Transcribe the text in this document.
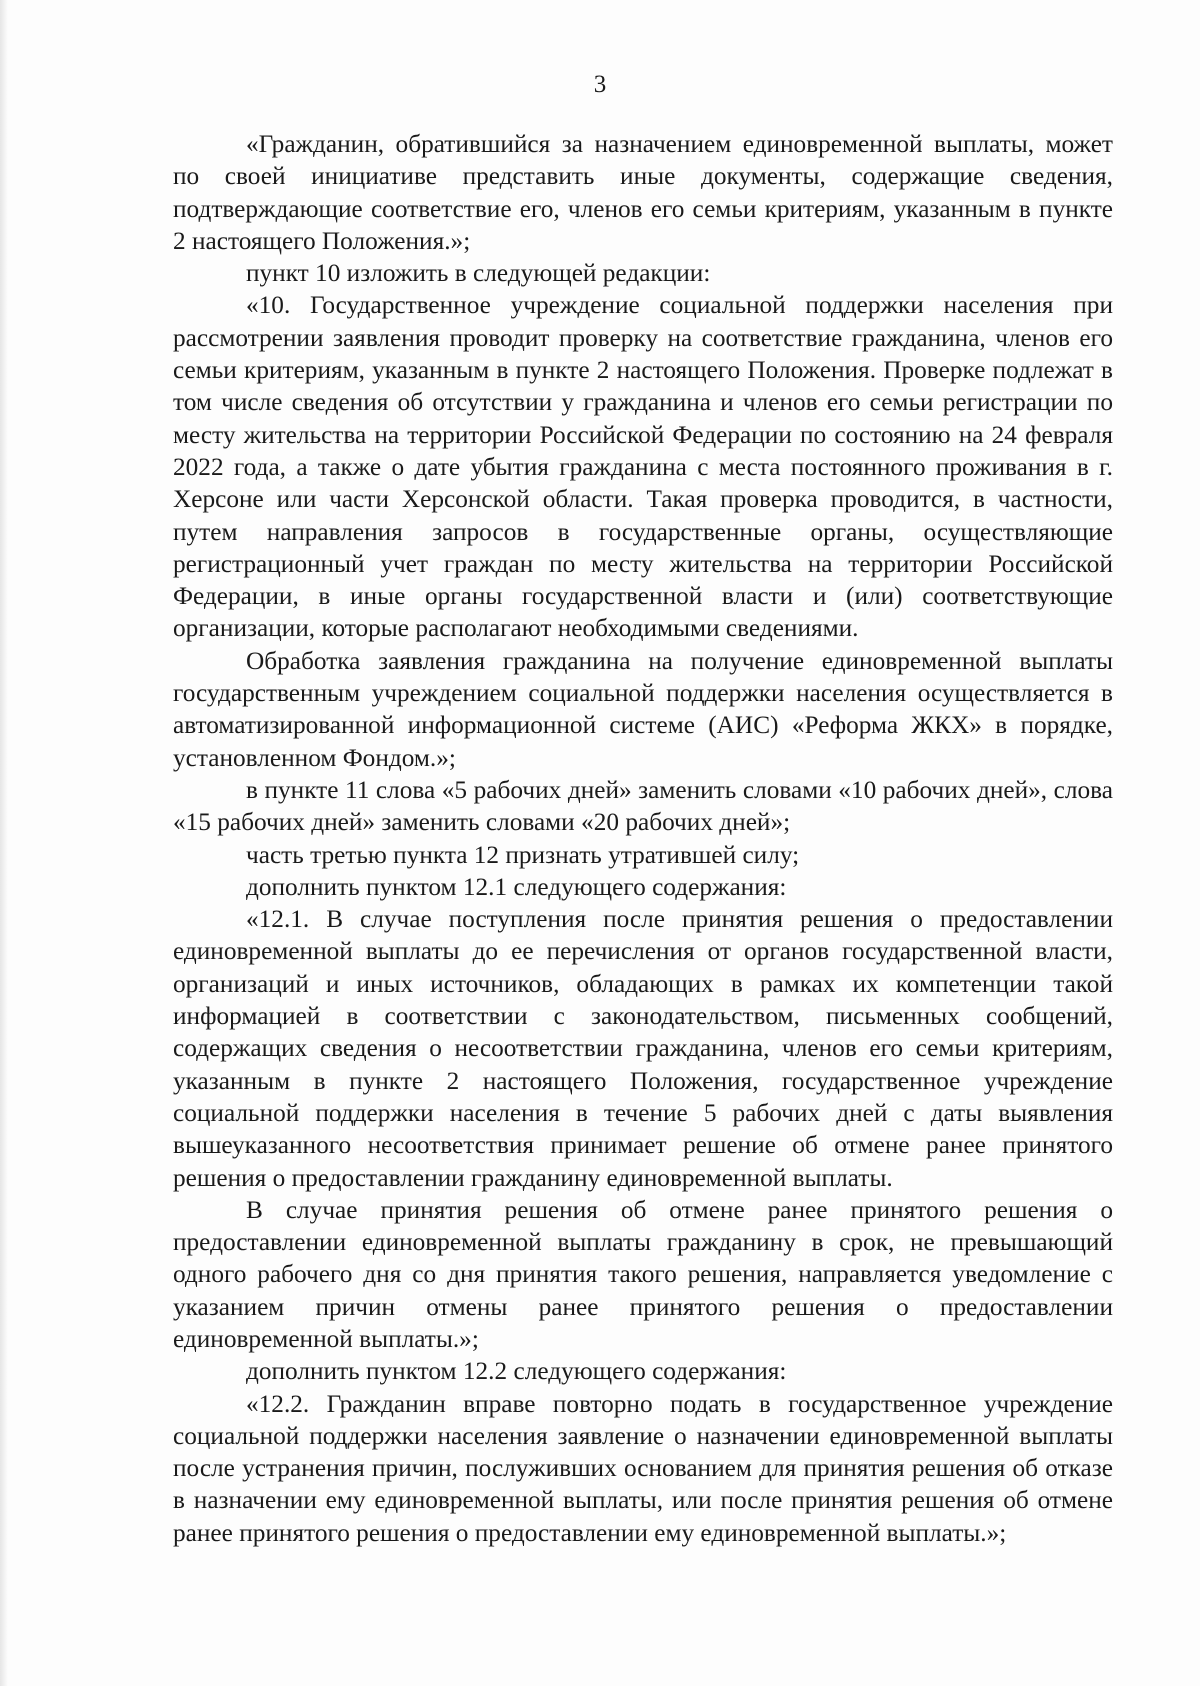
3

«Гражданин, обратившийся за назначением единовременной выплаты, может по своей инициативе представить иные документы, содержащие сведения, подтверждающие соответствие его, членов его семьи критериям, указанным в пункте 2 настоящего Положения.»;

пункт 10 изложить в следующей редакции:

«10. Государственное учреждение социальной поддержки населения при рассмотрении заявления проводит проверку на соответствие гражданина, членов его семьи критериям, указанным в пункте 2 настоящего Положения. Проверке подлежат в том числе сведения об отсутствии у гражданина и членов его семьи регистрации по месту жительства на территории Российской Федерации по состоянию на 24 февраля 2022 года, а также о дате убытия гражданина с места постоянного проживания в г. Херсоне или части Херсонской области. Такая проверка проводится, в частности, путем направления запросов в государственные органы, осуществляющие регистрационный учет граждан по месту жительства на территории Российской Федерации, в иные органы государственной власти и (или) соответствующие организации, которые располагают необходимыми сведениями.

Обработка заявления гражданина на получение единовременной выплаты государственным учреждением социальной поддержки населения осуществляется в автоматизированной информационной системе (АИС) «Реформа ЖКХ» в порядке, установленном Фондом.»;

в пункте 11 слова «5 рабочих дней» заменить словами «10 рабочих дней», слова «15 рабочих дней» заменить словами «20 рабочих дней»;

часть третью пункта 12 признать утратившей силу;

дополнить пунктом 12.1 следующего содержания:

«12.1. В случае поступления после принятия решения о предоставлении единовременной выплаты до ее перечисления от органов государственной власти, организаций и иных источников, обладающих в рамках их компетенции такой информацией в соответствии с законодательством, письменных сообщений, содержащих сведения о несоответствии гражданина, членов его семьи критериям, указанным в пункте 2 настоящего Положения, государственное учреждение социальной поддержки населения в течение 5 рабочих дней с даты выявления вышеуказанного несоответствия принимает решение об отмене ранее принятого решения о предоставлении гражданину единовременной выплаты.

В случае принятия решения об отмене ранее принятого решения о предоставлении единовременной выплаты гражданину в срок, не превышающий одного рабочего дня со дня принятия такого решения, направляется уведомление с указанием причин отмены ранее принятого решения о предоставлении единовременной выплаты.»;

дополнить пунктом 12.2 следующего содержания:

«12.2. Гражданин вправе повторно подать в государственное учреждение социальной поддержки населения заявление о назначении единовременной выплаты после устранения причин, послуживших основанием для принятия решения об отказе в назначении ему единовременной выплаты, или после принятия решения об отмене ранее принятого решения о предоставлении ему единовременной выплаты.»;
